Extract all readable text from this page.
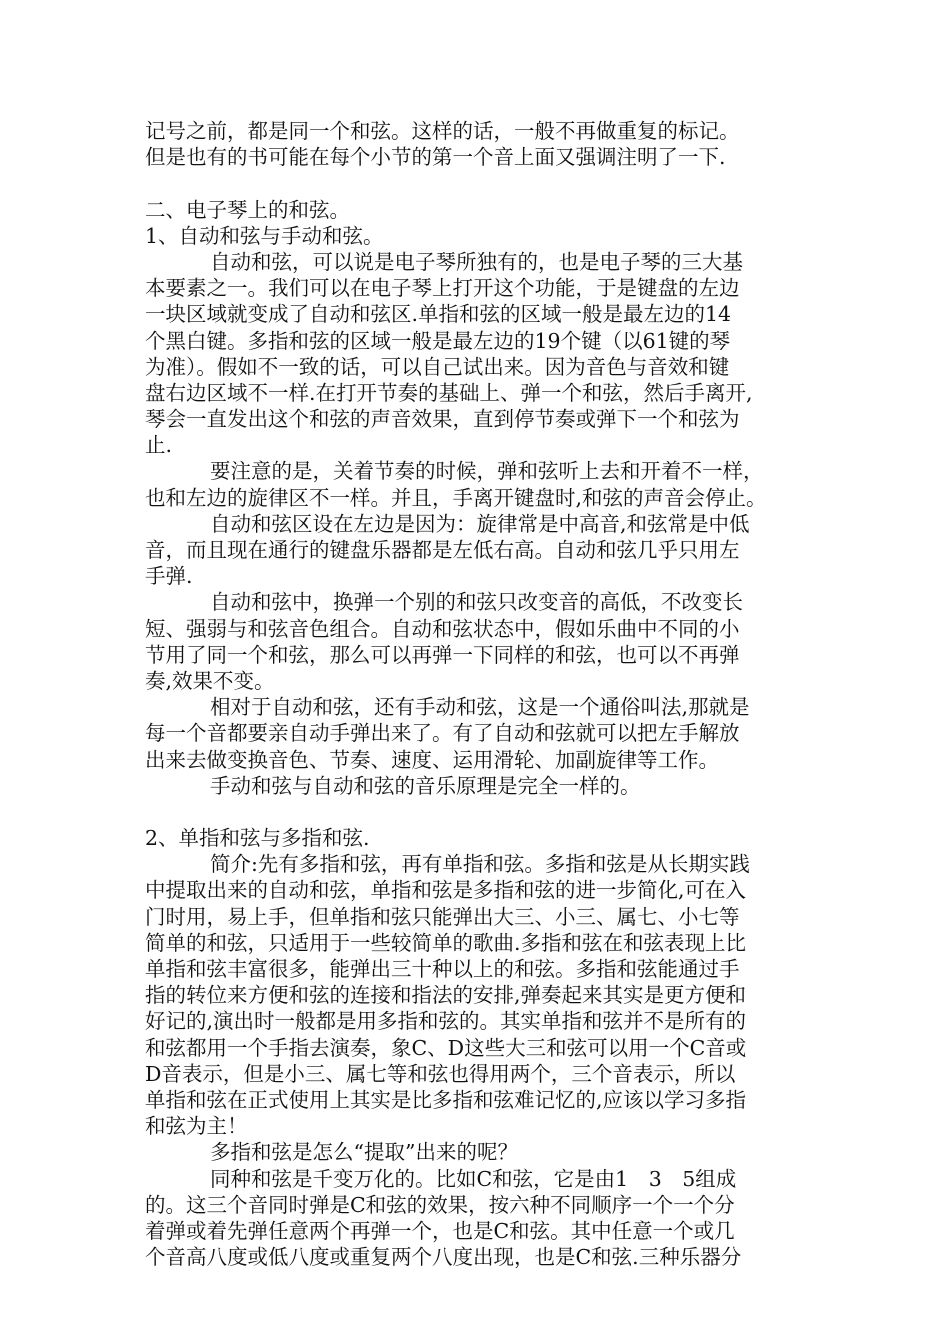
记号之前，都是同一个和弦。这样的话，一般不再做重复的标记。
但是也有的书可能在每个小节的第一个音上面又强调注明了一下.
二、电子琴上的和弦。
1、自动和弦与手动和弦。
自动和弦，可以说是电子琴所独有的，也是电子琴的三大基
本要素之一。我们可以在电子琴上打开这个功能，于是键盘的左边
一块区域就变成了自动和弦区.单指和弦的区域一般是最左边的14
个黑白键。多指和弦的区域一般是最左边的19个键（以61键的琴
为准）。假如不一致的话，可以自己试出来。因为音色与音效和键
盘右边区域不一样.在打开节奏的基础上、弹一个和弦，然后手离开,
琴会一直发出这个和弦的声音效果，直到停节奏或弹下一个和弦为
止.
要注意的是，关着节奏的时候，弹和弦听上去和开着不一样，
也和左边的旋律区不一样。并且，手离开键盘时,和弦的声音会停止。
自动和弦区设在左边是因为：旋律常是中高音,和弦常是中低
音，而且现在通行的键盘乐器都是左低右高。自动和弦几乎只用左
手弹.
自动和弦中，换弹一个别的和弦只改变音的高低，不改变长
短、强弱与和弦音色组合。自动和弦状态中，假如乐曲中不同的小
节用了同一个和弦，那么可以再弹一下同样的和弦，也可以不再弹
奏,效果不变。
相对于自动和弦，还有手动和弦，这是一个通俗叫法,那就是
每一个音都要亲自动手弹出来了。有了自动和弦就可以把左手解放
出来去做变换音色、节奏、速度、运用滑轮、加副旋律等工作。
手动和弦与自动和弦的音乐原理是完全一样的。
2、单指和弦与多指和弦.
简介:先有多指和弦，再有单指和弦。多指和弦是从长期实践
中提取出来的自动和弦，单指和弦是多指和弦的进一步简化,可在入
门时用，易上手，但单指和弦只能弹出大三、小三、属七、小七等
简单的和弦，只适用于一些较简单的歌曲.多指和弦在和弦表现上比
单指和弦丰富很多，能弹出三十种以上的和弦。多指和弦能通过手
指的转位来方便和弦的连接和指法的安排,弹奏起来其实是更方便和
好记的,演出时一般都是用多指和弦的。其实单指和弦并不是所有的
和弦都用一个手指去演奏，象C、D这些大三和弦可以用一个C音或
D音表示，但是小三、属七等和弦也得用两个，三个音表示，所以
单指和弦在正式使用上其实是比多指和弦难记忆的,应该以学习多指
和弦为主！
多指和弦是怎么“提取”出来的呢？
同种和弦是千变万化的。比如C和弦，它是由1　3　5组成
的。这三个音同时弹是C和弦的效果，按六种不同顺序一个一个分
着弹或着先弹任意两个再弹一个，也是C和弦。其中任意一个或几
个音高八度或低八度或重复两个八度出现，也是C和弦.三种乐器分
